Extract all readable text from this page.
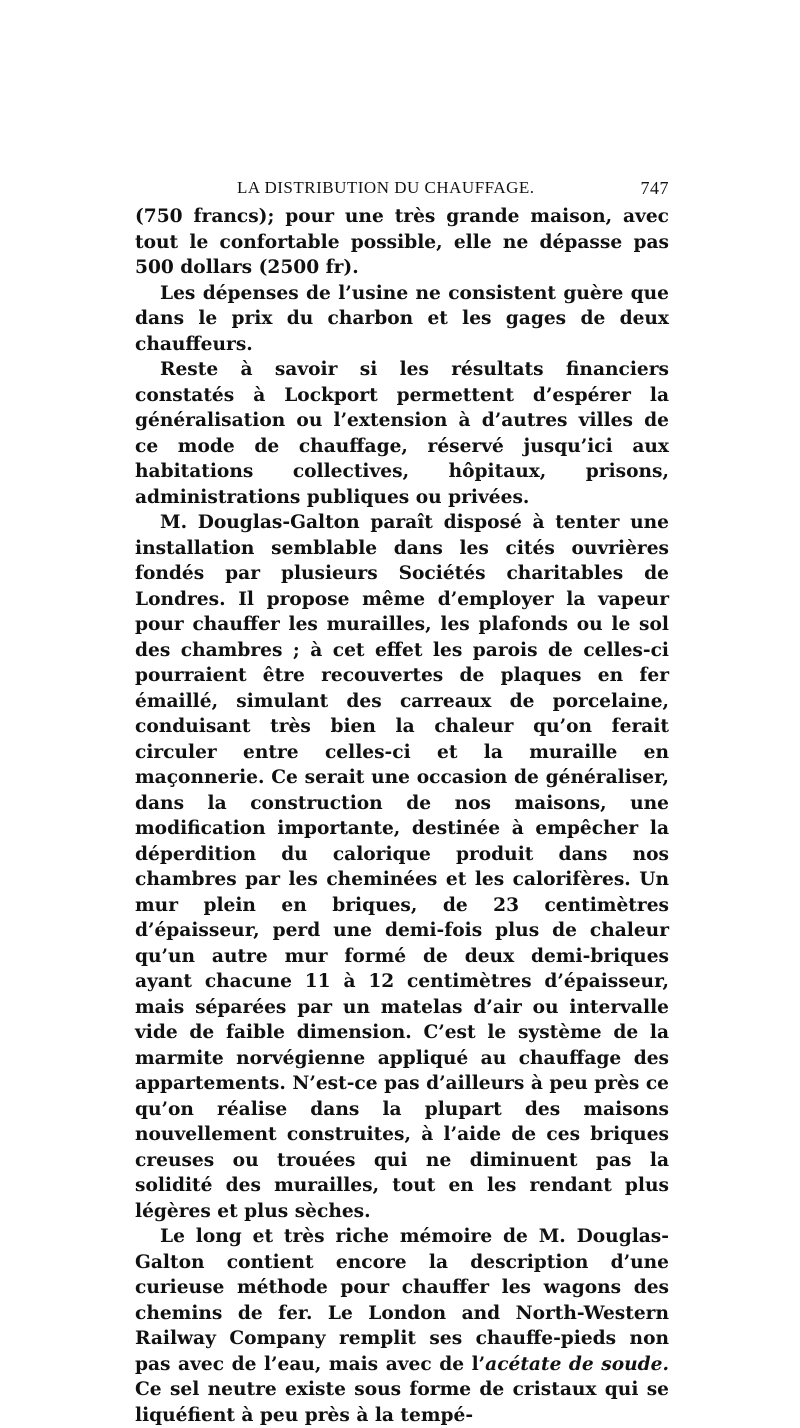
LA DISTRIBUTION DU CHAUFFAGE.	747

(750 francs); pour une très grande maison, avec tout le confortable possible, elle ne dépasse pas 500 dollars (2500 fr).

Les dépenses de l’usine ne consistent guère que dans le prix du charbon et les gages de deux chauffeurs.

Reste à savoir si les résultats financiers constatés à Lockport permettent d’espérer la généralisation ou l’extension à d’autres villes de ce mode de chauffage, réservé jusqu’ici aux habitations collectives, hôpitaux, prisons, administrations publiques ou privées.

M. Douglas-Galton paraît disposé à tenter une installation semblable dans les cités ouvrières fondés par plusieurs Sociétés charitables de Londres. Il propose même d’employer la vapeur pour chauffer les murailles, les plafonds ou le sol des chambres ; à cet effet les parois de celles-ci pourraient être recouvertes de plaques en fer émaillé, simulant des carreaux de porcelaine, conduisant très bien la chaleur qu’on ferait circuler entre celles-ci et la muraille en maçonnerie. Ce serait une occasion de généraliser, dans la construction de nos maisons, une modification importante, destinée à empêcher la déperdition du calorique produit dans nos chambres par les cheminées et les calorifères. Un mur plein en briques, de 23 centimètres d’épaisseur, perd une demi-fois plus de chaleur qu’un autre mur formé de deux demi-briques ayant chacune 11 à 12 centimètres d’épaisseur, mais séparées par un matelas d’air ou intervalle vide de faible dimension. C’est le système de la marmite norvégienne appliqué au chauffage des appartements. N’est-ce pas d’ailleurs à peu près ce qu’on réalise dans la plupart des maisons nouvellement construites, à l’aide de ces briques creuses ou trouées qui ne diminuent pas la solidité des murailles, tout en les rendant plus légères et plus sèches.

Le long et très riche mémoire de M. Douglas-Galton contient encore la description d’une curieuse méthode pour chauffer les wagons des chemins de fer. Le London and North-Western Railway Company remplit ses chauffe-pieds non pas avec de l’eau, mais avec de l’acétate de soude. Ce sel neutre existe sous forme de cristaux qui se liquéfient à peu près à la tempé-
